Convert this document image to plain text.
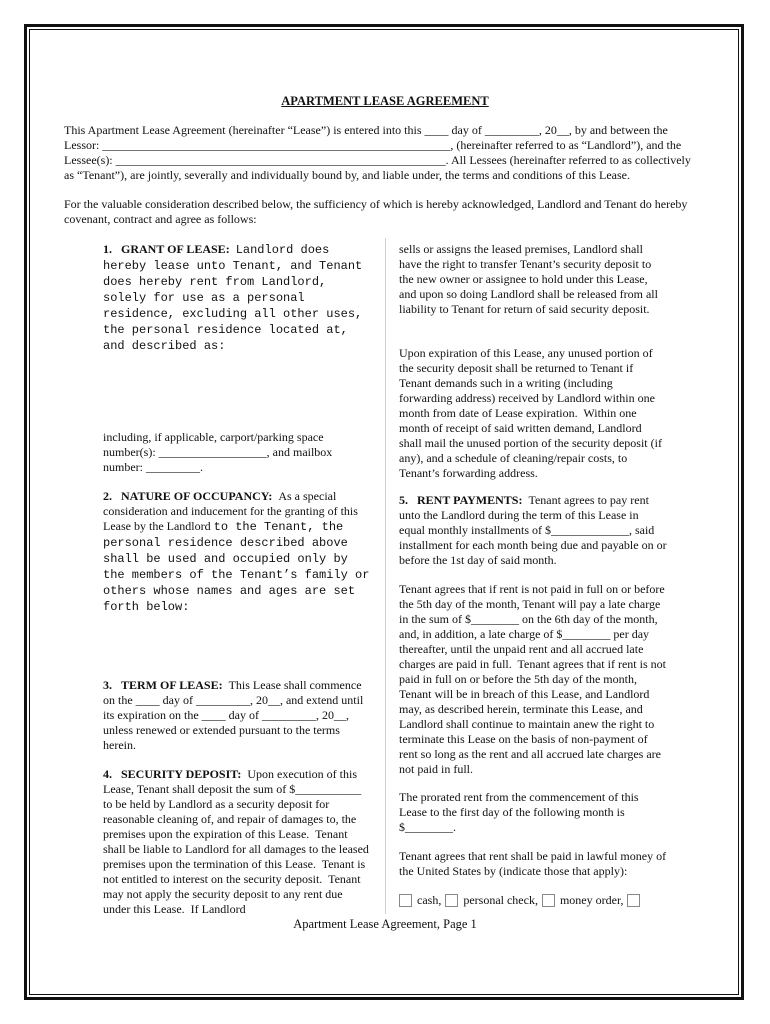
APARTMENT LEASE AGREEMENT

This Apartment Lease Agreement (hereinafter “Lease”) is entered into this ____ day of _________, 20__, by and between the Lessor: __________________________________________________________, (hereinafter referred to as “Landlord”), and the Lessee(s): _______________________________________________________. All Lessees (hereinafter referred to as collectively as “Tenant”), are jointly, severally and individually bound by, and liable under, the terms and conditions of this Lease.

For the valuable consideration described below, the sufficiency of which is hereby acknowledged, Landlord and Tenant do hereby covenant, contract and agree as follows:

1.   GRANT OF LEASE: Landlord does hereby lease unto Tenant, and Tenant does hereby rent from Landlord, solely for use as a personal residence, excluding all other uses, the personal residence located at, and described as:

including, if applicable, carport/parking space number(s): __________________, and mailbox number: _________.

2.   NATURE OF OCCUPANCY: As a special consideration and inducement for the granting of this Lease by the Landlord to the Tenant, the personal residence described above shall be used and occupied only by the members of the Tenant’s family or others whose names and ages are set forth below:

3.   TERM OF LEASE: This Lease shall commence on the ____ day of _________, 20__, and extend until its expiration on the ____ day of _________, 20__, unless renewed or extended pursuant to the terms herein.

4.   SECURITY DEPOSIT: Upon execution of this Lease, Tenant shall deposit the sum of $___________ to be held by Landlord as a security deposit for reasonable cleaning of, and repair of damages to, the premises upon the expiration of this Lease.  Tenant shall be liable to Landlord for all damages to the leased premises upon the termination of this Lease.  Tenant is not entitled to interest on the security deposit.  Tenant may not apply the security deposit to any rent due under this Lease.  If Landlord

sells or assigns the leased premises, Landlord shall have the right to transfer Tenant’s security deposit to the new owner or assignee to hold under this Lease, and upon so doing Landlord shall be released from all liability to Tenant for return of said security deposit.

Upon expiration of this Lease, any unused portion of the security deposit shall be returned to Tenant if Tenant demands such in a writing (including forwarding address) received by Landlord within one month from date of Lease expiration.  Within one month of receipt of said written demand, Landlord shall mail the unused portion of the security deposit (if any), and a schedule of cleaning/repair costs, to Tenant’s forwarding address.

5.   RENT PAYMENTS: Tenant agrees to pay rent unto the Landlord during the term of this Lease in equal monthly installments of $_____________, said installment for each month being due and payable on or before the 1st day of said month.

Tenant agrees that if rent is not paid in full on or before the 5th day of the month, Tenant will pay a late charge in the sum of $________ on the 6th day of the month, and, in addition, a late charge of $________ per day thereafter, until the unpaid rent and all accrued late charges are paid in full.  Tenant agrees that if rent is not paid in full on or before the 5th day of the month, Tenant will be in breach of this Lease, and Landlord may, as described herein, terminate this Lease, and Landlord shall continue to maintain anew the right to terminate this Lease on the basis of non-payment of rent so long as the rent and all accrued late charges are not paid in full.

The prorated rent from the commencement of this Lease to the first day of the following month is $________.

Tenant agrees that rent shall be paid in lawful money of the United States by (indicate those that apply):

cash, personal check, money order,
Apartment Lease Agreement, Page 1
